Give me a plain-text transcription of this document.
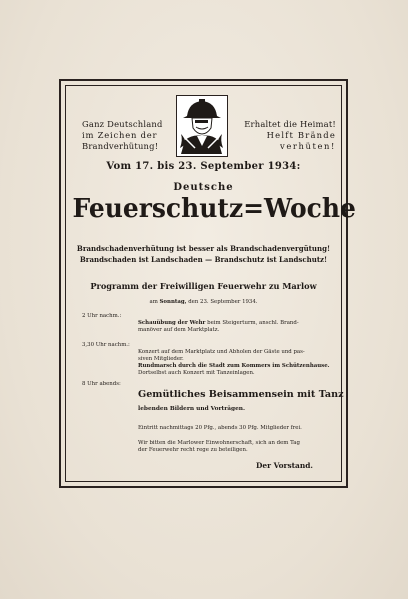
Ganz Deutschland
im Zeichen der
Brandverhütung!
Erhaltet die Heimat!
Helft Brände
verhüten!
Vom 17. bis 23. September 1934:
Deutsche
Feuerschutz=Woche
Brandschadenverhütung ist besser als Brandschadenvergütung!
Brandschaden ist Landschaden — Brandschutz ist Landschutz!
Programm der Freiwilligen Feuerwehr zu Marlow
am Sonntag, den 23. September 1934.
2 Uhr nachm.:
Schauübung der Wehr beim Steigerturm, anschl. Brand-
manöver auf dem Marktplatz.
3,30 Uhr nachm.:
Konzert auf dem Marktplatz und Abholen der Gäste und pas-
siven Mitglieder.
Rundmarsch durch die Stadt zum Kommers im Schützenhause.
Dortselbst auch Konzert mit Tanzeinlagen.
8 Uhr abends:
Gemütliches Beisammensein mit Tanz
lebenden Bildern und Vorträgen.
Eintritt nachmittags 20 Pfg., abends 30 Pfg. Mitglieder frei.
Wir bitten die Marlower Einwohnerschaft, sich an dem Tag
der Feuerwehr recht rege zu beteiligen.
Der Vorstand.
